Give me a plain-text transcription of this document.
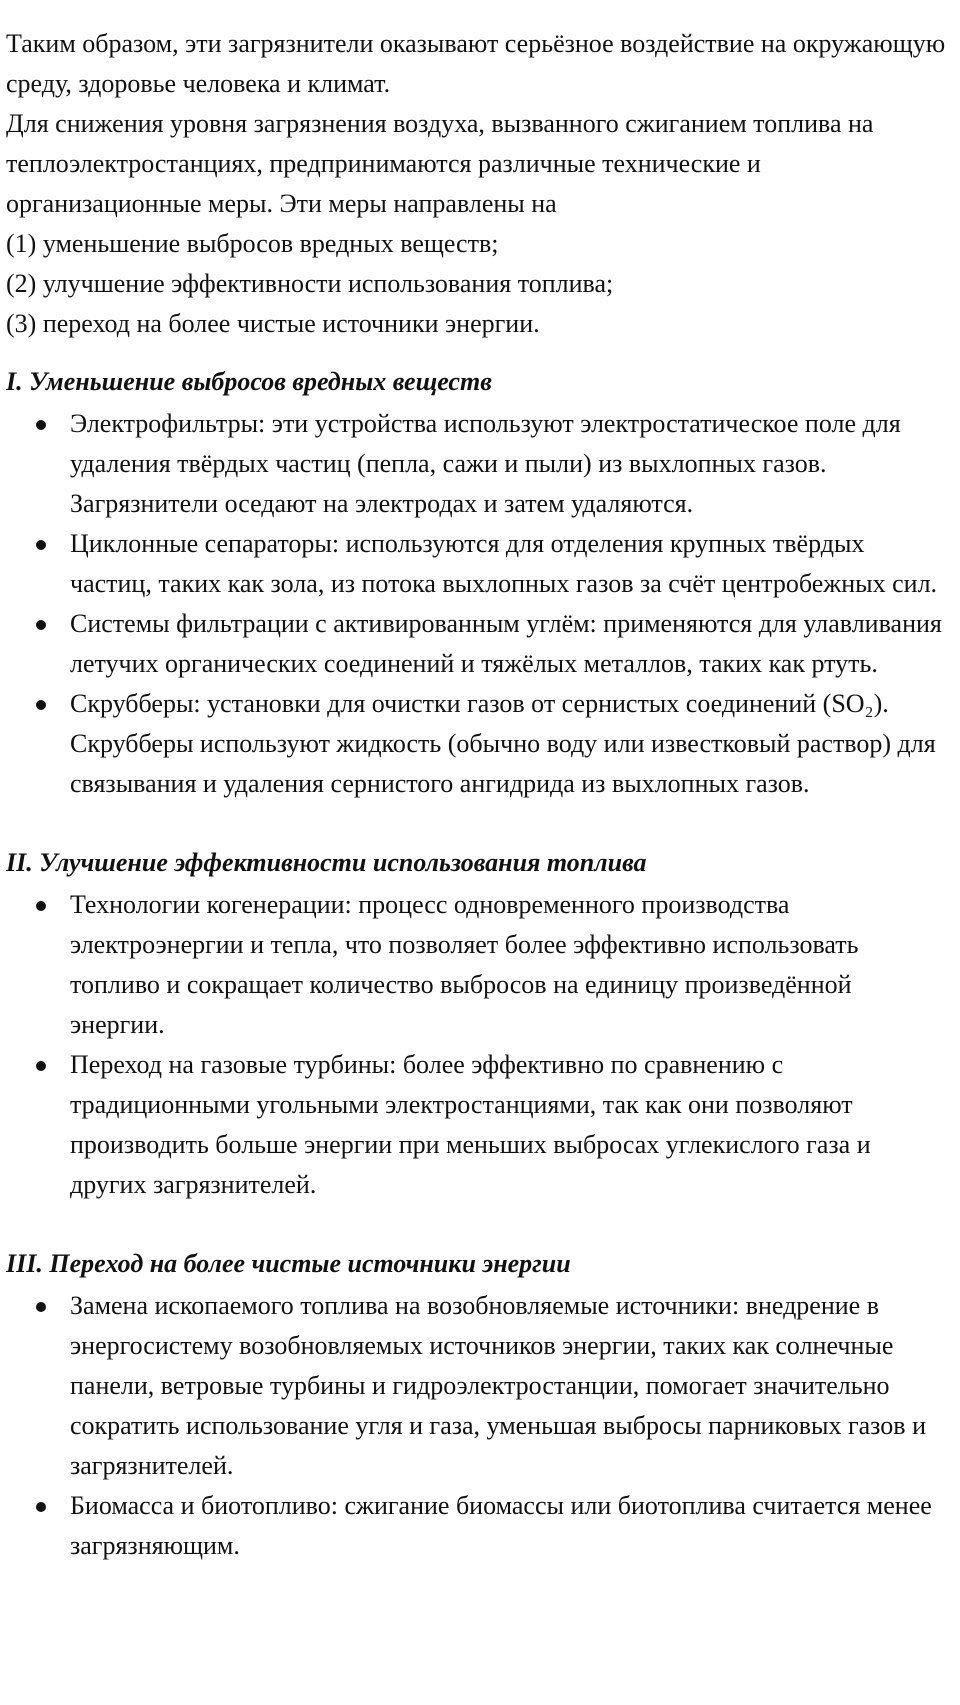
Таким образом, эти загрязнители оказывают серьёзное воздействие на окружающую среду, здоровье человека и климат.

Для снижения уровня загрязнения воздуха, вызванного сжиганием топлива на теплоэлектростанциях, предпринимаются различные технические и организационные меры. Эти меры направлены на

(1) уменьшение выбросов вредных веществ;

(2) улучшение эффективности использования топлива;

(3) переход на более чистые источники энергии.

I. Уменьшение выбросов вредных веществ
Электрофильтры: эти устройства используют электростатическое поле для удаления твёрдых частиц (пепла, сажи и пыли) из выхлопных газов. Загрязнители оседают на электродах и затем удаляются.
Циклонные сепараторы: используются для отделения крупных твёрдых частиц, таких как зола, из потока выхлопных газов за счёт центробежных сил.
Системы фильтрации с активированным углём: применяются для улавливания летучих органических соединений и тяжёлых металлов, таких как ртуть.
Скрубберы: установки для очистки газов от сернистых соединений (SO₂). Скрубберы используют жидкость (обычно воду или известковый раствор) для связывания и удаления сернистого ангидрида из выхлопных газов.
II. Улучшение эффективности использования топлива
Технологии когенерации: процесс одновременного производства электроэнергии и тепла, что позволяет более эффективно использовать топливо и сокращает количество выбросов на единицу произведённой энергии.
Переход на газовые турбины: более эффективно по сравнению с традиционными угольными электростанциями, так как они позволяют производить больше энергии при меньших выбросах углекислого газа и других загрязнителей.
III. Переход на более чистые источники энергии
Замена ископаемого топлива на возобновляемые источники: внедрение в энергосистему возобновляемых источников энергии, таких как солнечные панели, ветровые турбины и гидроэлектростанции, помогает значительно сократить использование угля и газа, уменьшая выбросы парниковых газов и загрязнителей.
Биомасса и биотопливо: сжигание биомассы или биотоплива считается менее загрязняющим.
